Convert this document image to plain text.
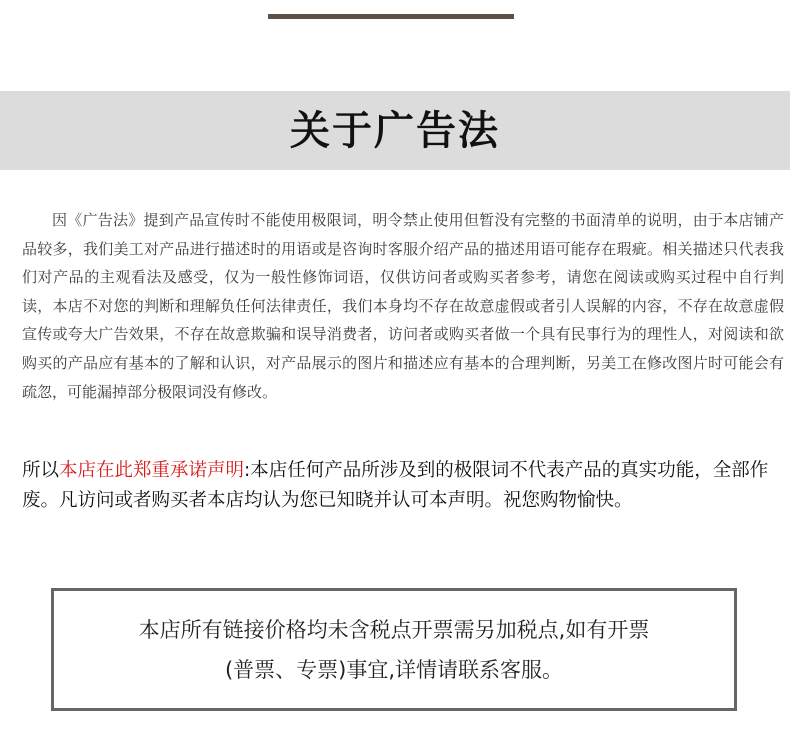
关于广告法

因《广告法》提到产品宣传时不能使用极限词，明令禁止使用但暂没有完整的书面清单的说明，由于本店铺产品较多，我们美工对产品进行描述时的用语或是咨询时客服介绍产品的描述用语可能存在瑕疵。相关描述只代表我们对产品的主观看法及感受，仅为一般性修饰词语，仅供访问者或购买者参考，请您在阅读或购买过程中自行判读，本店不对您的判断和理解负任何法律责任，我们本身均不存在故意虚假或者引人误解的内容，不存在故意虚假宣传或夸大广告效果，不存在故意欺骗和误导消费者，访问者或购买者做一个具有民事行为的理性人，对阅读和欲购买的产品应有基本的了解和认识，对产品展示的图片和描述应有基本的合理判断，另美工在修改图片时可能会有疏忽，可能漏掉部分极限词没有修改。

所以本店在此郑重承诺声明:本店任何产品所涉及到的极限词不代表产品的真实功能，全部作废。凡访问或者购买者本店均认为您已知晓并认可本声明。祝您购物愉快。

本店所有链接价格均未含税点开票需另加税点,如有开票

(普票、专票)事宜,详情请联系客服。
